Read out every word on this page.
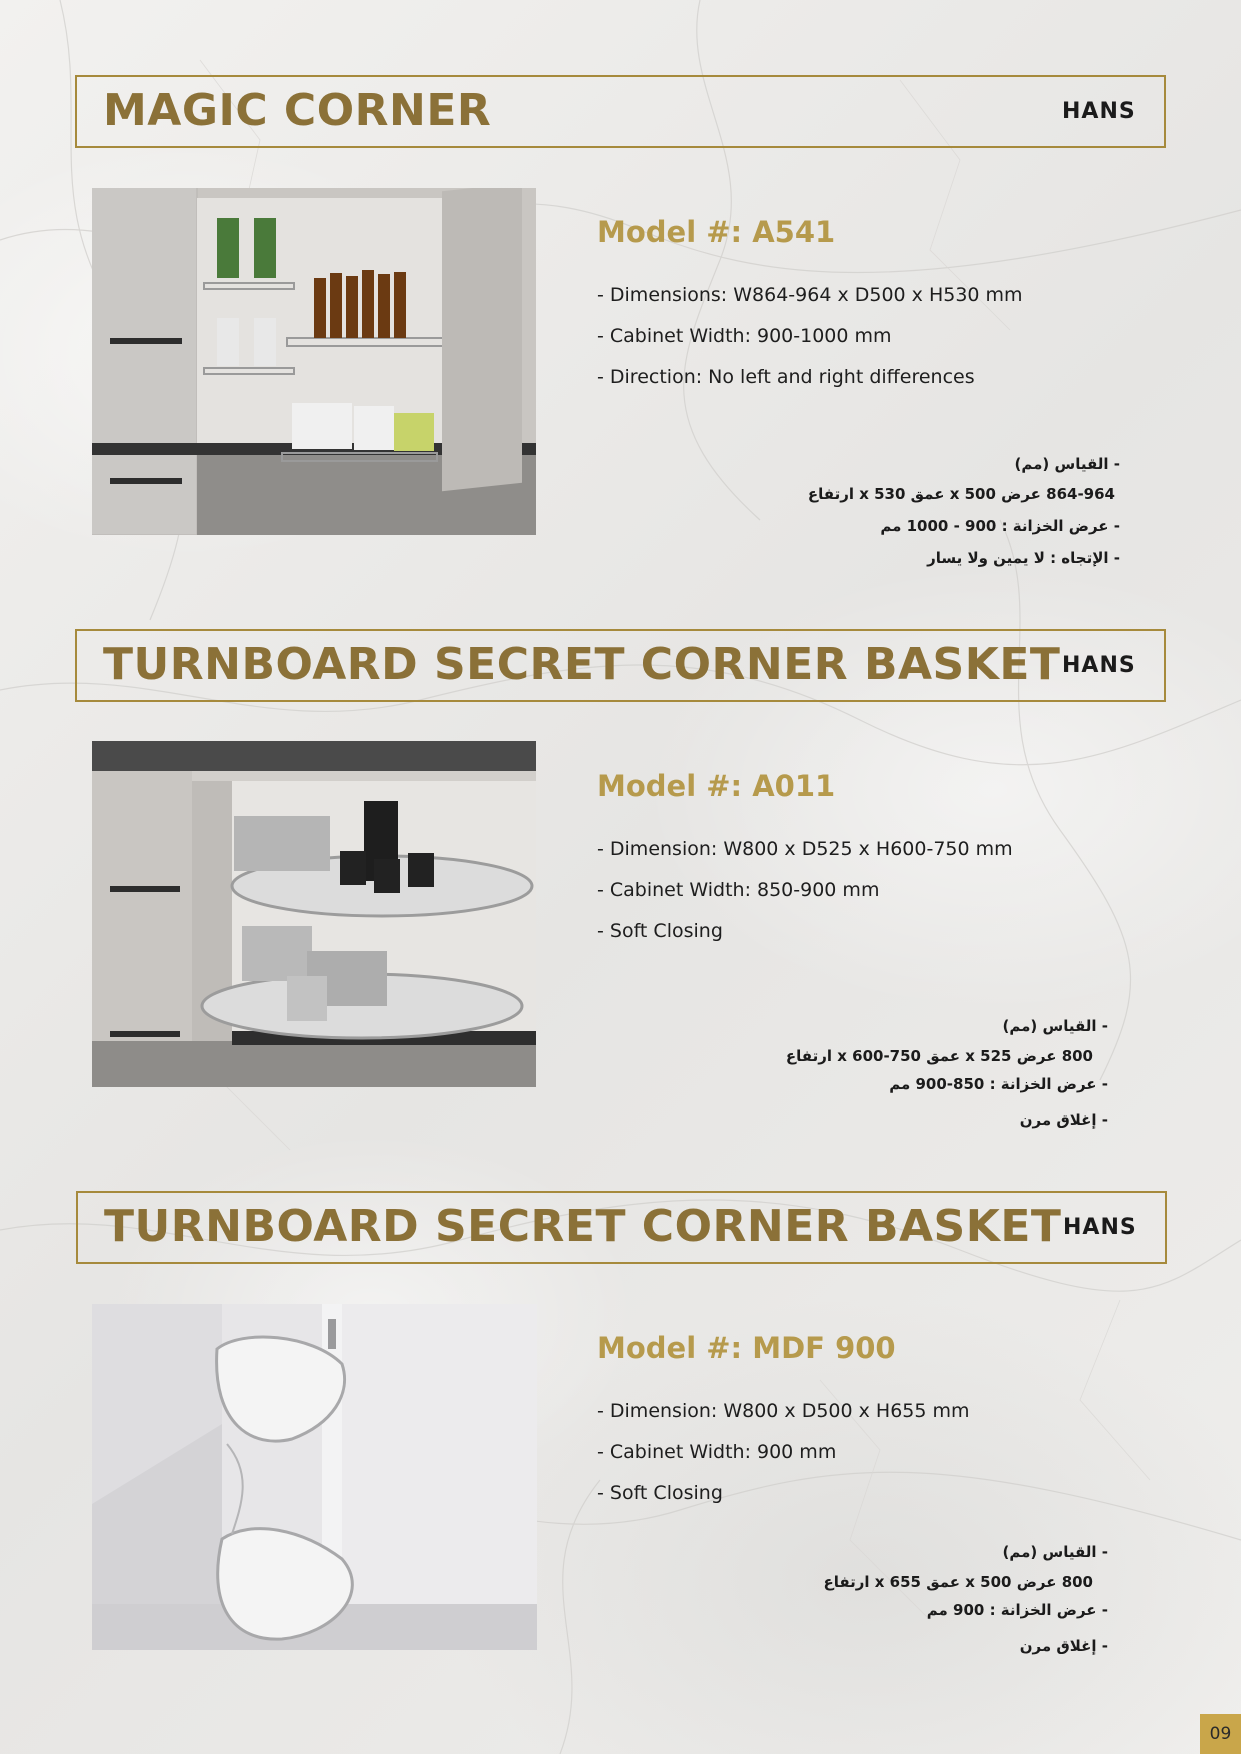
MAGIC CORNER	HANS
Model #: A541
- Dimensions: W864-964 x D500 x H530 mm
- Cabinet Width: 900-1000 mm
- Direction: No left and right differences
- القياس (مم)
864-964 عرض x 500 عمق x 530 ارتفاع
- عرض الخزانة : 900 - 1000 مم
- الإتجاه : لا يمين ولا يسار
TURNBOARD SECRET CORNER BASKET HANS
Model #: A011
- Dimension: W800 x D525 x H600-750 mm
- Cabinet Width: 850-900 mm
- Soft Closing
- القياس (مم)
800 عرض x 525 عمق x 600-750 ارتفاع
- عرض الخزانة : 850-900 مم
- إغلاق مرن
TURNBOARD SECRET CORNER BASKET HANS
Model #: MDF 900
- Dimension: W800 x D500 x H655 mm
- Cabinet Width: 900 mm
- Soft Closing
- القياس (مم)
800 عرض x 500 عمق x 655 ارتفاع
- عرض الخزانة : 900 مم
- إغلاق مرن
09
